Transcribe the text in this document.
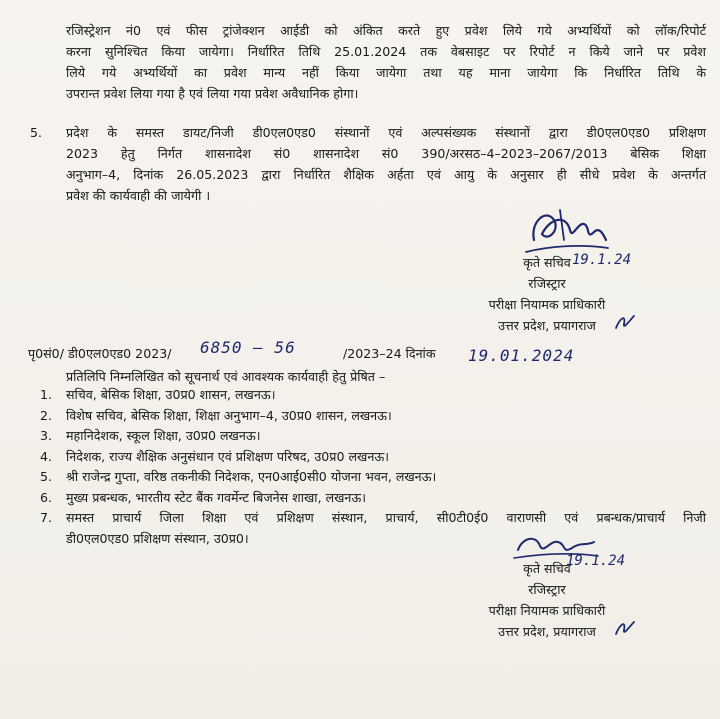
रजिस्ट्रेशन नं0 एवं फीस ट्रांजेक्शन आईडी को अंकित करते हुए प्रवेश लिये गये अभ्यर्थियों को लॉक/रिपोर्ट
करना सुनिश्चित किया जायेगा। निर्धारित तिथि 25.01.2024 तक वेबसाइट पर रिपोर्ट न किये जाने पर प्रवेश
लिये गये अभ्यर्थियों का प्रवेश मान्य नहीं किया जायेगा तथा यह माना जायेगा कि निर्धारित तिथि के
उपरान्त प्रवेश लिया गया है एवं लिया गया प्रवेश अवैधानिक होगा।
5. प्रदेश के समस्त डायट/निजी डी0एल0एड0 संस्थानों एवं अल्पसंख्यक संस्थानों द्वारा डी0एल0एड0 प्रशिक्षण
2023 हेतु निर्गत शासनादेश सं0 शासनादेश सं0 390/अरसठ–4–2023–2067/2013 बेसिक शिक्षा
अनुभाग–4, दिनांक 26.05.2023 द्वारा निर्धारित शैक्षिक अर्हता एवं आयु के अनुसार ही सीधे प्रवेश के अन्तर्गत
प्रवेश की कार्यवाही की जायेगी ।
19.1.24
कृते सचिव
रजिस्ट्रार
परीक्षा नियामक प्राधिकारी
उत्तर प्रदेश, प्रयागराज
पृ0सं0/ डी0एल0एड0 2023/ 6850 – 56	/2023–24 दिनांक 19.01.2024
प्रतिलिपि निम्नलिखित को सूचनार्थ एवं आवश्यक कार्यवाही हेतु प्रेषित –
1. सचिव, बेसिक शिक्षा, उ0प्र0 शासन, लखनऊ।
2. विशेष सचिव, बेसिक शिक्षा, शिक्षा अनुभाग–4, उ0प्र0 शासन, लखनऊ।
3. महानिदेशक, स्कूल शिक्षा, उ0प्र0 लखनऊ।
4. निदेशक, राज्य शैक्षिक अनुसंधान एवं प्रशिक्षण परिषद, उ0प्र0 लखनऊ।
5. श्री राजेन्द्र गुप्ता, वरिष्ठ तकनीकी निदेशक, एन0आई0सी0 योजना भवन, लखनऊ।
6. मुख्य प्रबन्धक, भारतीय स्टेट बैंक गवर्मेन्ट बिजनेस शाखा, लखनऊ।
7. समस्त प्राचार्य जिला शिक्षा एवं प्रशिक्षण संस्थान, प्राचार्य, सी0टी0ई0 वाराणसी एवं प्रबन्धक/प्राचार्य निजी
डी0एल0एड0 प्रशिक्षण संस्थान, उ0प्र0।
19.1.24
कृते सचिव
रजिस्ट्रार
परीक्षा नियामक प्राधिकारी
उत्तर प्रदेश, प्रयागराज
